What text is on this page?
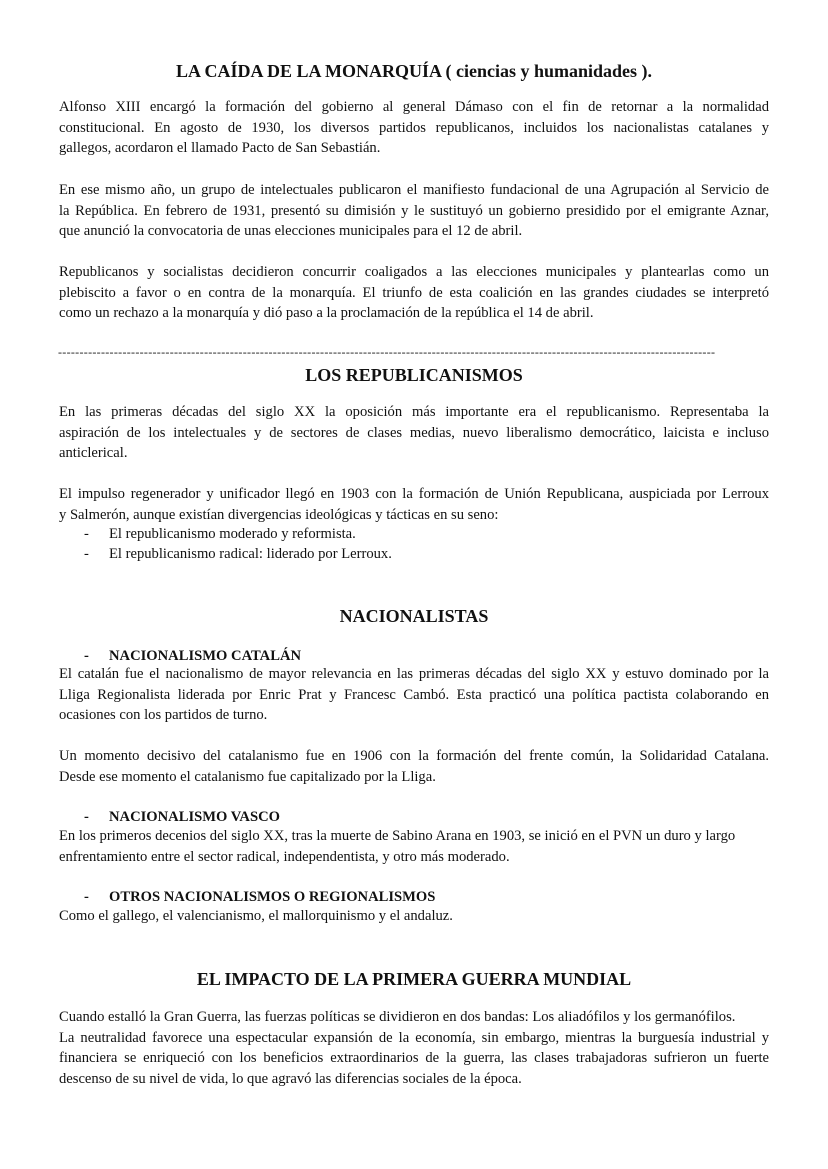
LA CAÍDA DE LA MONARQUÍA ( ciencias y humanidades ).

Alfonso XIII encargó la formación del gobierno al general Dámaso con el fin de retornar a la normalidad
constitucional. En agosto de 1930, los diversos partidos republicanos, incluidos los nacionalistas catalanes y
gallegos, acordaron el llamado Pacto de San Sebastián.

En ese mismo año, un grupo de intelectuales publicaron el manifiesto fundacional de una Agrupación al Servicio de
la República. En febrero de 1931, presentó su dimisión y le sustituyó un gobierno presidido por el emigrante Aznar,
que anunció la convocatoria de unas elecciones municipales para el 12 de abril.

Republicanos y socialistas decidieron concurrir coaligados a las elecciones municipales y plantearlas como un
plebiscito a favor o en contra de la monarquía. El triunfo de esta coalición en las grandes ciudades se interpretó
como un rechazo a la monarquía y dió paso a la proclamación de la república el 14 de abril.

---------------------------------------------------------------------------------------------------------------------------------------------------------
LOS REPUBLICANISMOS

En las primeras décadas del siglo XX la oposición más importante era el republicanismo. Representaba la
aspiración de los intelectuales y de sectores de clases medias, nuevo liberalismo democrático, laicista e incluso
anticlerical.

El impulso regenerador y unificador llegó en 1903 con la formación de Unión Republicana, auspiciada por Lerroux
y Salmerón, aunque existían divergencias ideológicas y tácticas en su seno:

- El republicanismo moderado y reformista.
- El republicanismo radical: liderado por Lerroux.
NACIONALISTAS
- NACIONALISMO CATALÁN

El catalán fue el nacionalismo de mayor relevancia en las primeras décadas del siglo XX y estuvo dominado por la
Lliga Regionalista liderada por Enric Prat y Francesc Cambó. Esta practicó una política pactista colaborando en
ocasiones con los partidos de turno.

Un momento decisivo del catalanismo fue en 1906 con la formación del frente común, la Solidaridad Catalana.
Desde ese momento el catalanismo fue capitalizado por la Lliga.

- NACIONALISMO VASCO

En los primeros decenios del siglo XX, tras la muerte de Sabino Arana en 1903, se inició en el PVN un duro y largo
enfrentamiento entre el sector radical, independentista, y otro más moderado.

- OTROS NACIONALISMOS O REGIONALISMOS

Como el gallego, el valencianismo, el mallorquinismo y el andaluz.

EL IMPACTO DE LA PRIMERA GUERRA MUNDIAL

Cuando estalló la Gran Guerra, las fuerzas políticas se dividieron en dos bandas: Los aliadófilos y los germanófilos.
La neutralidad favorece una espectacular expansión de la economía, sin embargo, mientras la burguesía industrial y
financiera se enriqueció con los beneficios extraordinarios de la guerra, las clases trabajadoras sufrieron un fuerte
descenso de su nivel de vida, lo que agravó las diferencias sociales de la época.
